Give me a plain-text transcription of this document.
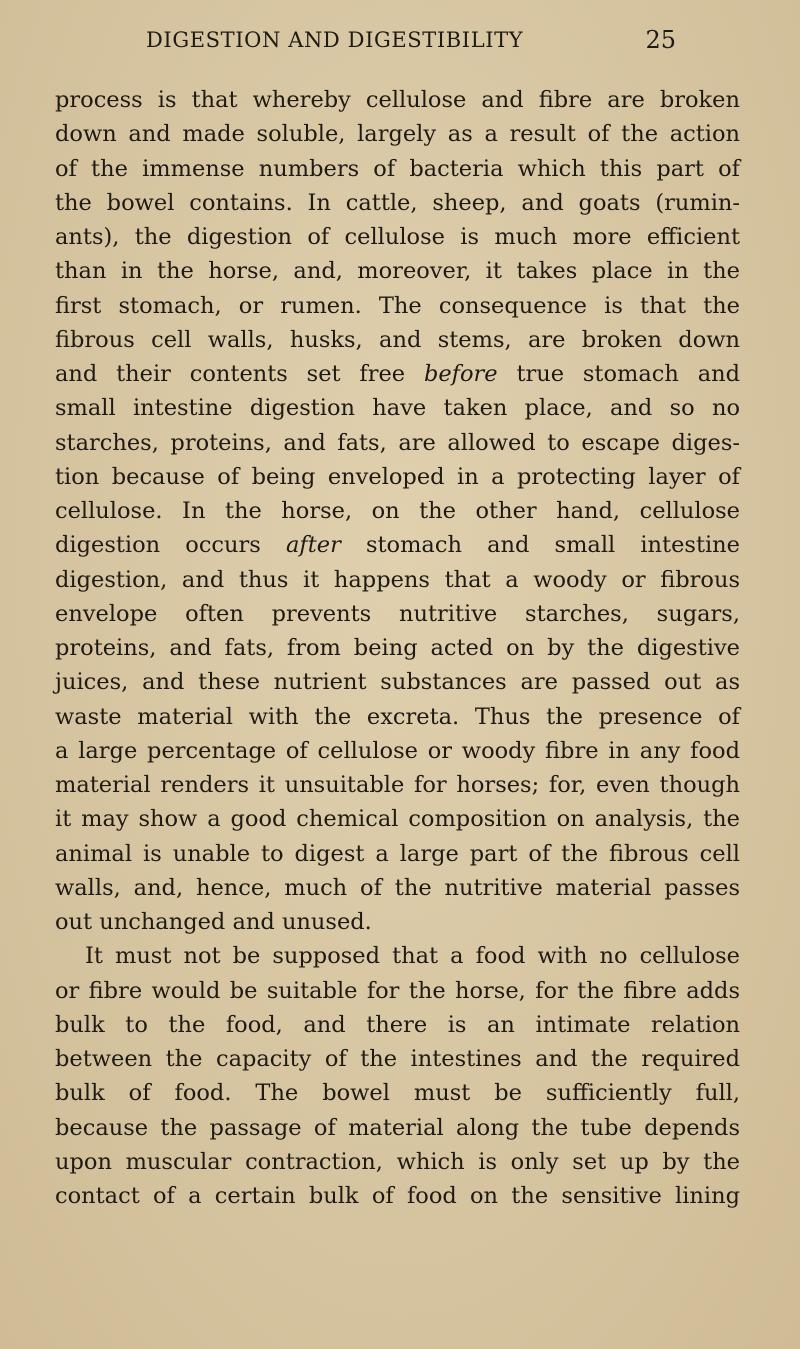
DIGESTION AND DIGESTIBILITY	25
process is that whereby cellulose and fibre are broken
down and made soluble, largely as a result of the action
of the immense numbers of bacteria which this part of
the bowel contains. In cattle, sheep, and goats (rumin-
ants), the digestion of cellulose is much more efficient
than in the horse, and, moreover, it takes place in the
first stomach, or rumen. The consequence is that the
fibrous cell walls, husks, and stems, are broken down
and their contents set free before true stomach and
small intestine digestion have taken place, and so no
starches, proteins, and fats, are allowed to escape diges-
tion because of being enveloped in a protecting layer of
cellulose. In the horse, on the other hand, cellulose
digestion occurs after stomach and small intestine
digestion, and thus it happens that a woody or fibrous
envelope often prevents nutritive starches, sugars,
proteins, and fats, from being acted on by the digestive
juices, and these nutrient substances are passed out as
waste material with the excreta. Thus the presence of
a large percentage of cellulose or woody fibre in any food
material renders it unsuitable for horses; for, even though
it may show a good chemical composition on analysis, the
animal is unable to digest a large part of the fibrous cell
walls, and, hence, much of the nutritive material passes
out unchanged and unused.
It must not be supposed that a food with no cellulose
or fibre would be suitable for the horse, for the fibre adds
bulk to the food, and there is an intimate relation
between the capacity of the intestines and the required
bulk of food. The bowel must be sufficiently full,
because the passage of material along the tube depends
upon muscular contraction, which is only set up by the
contact of a certain bulk of food on the sensitive lining
